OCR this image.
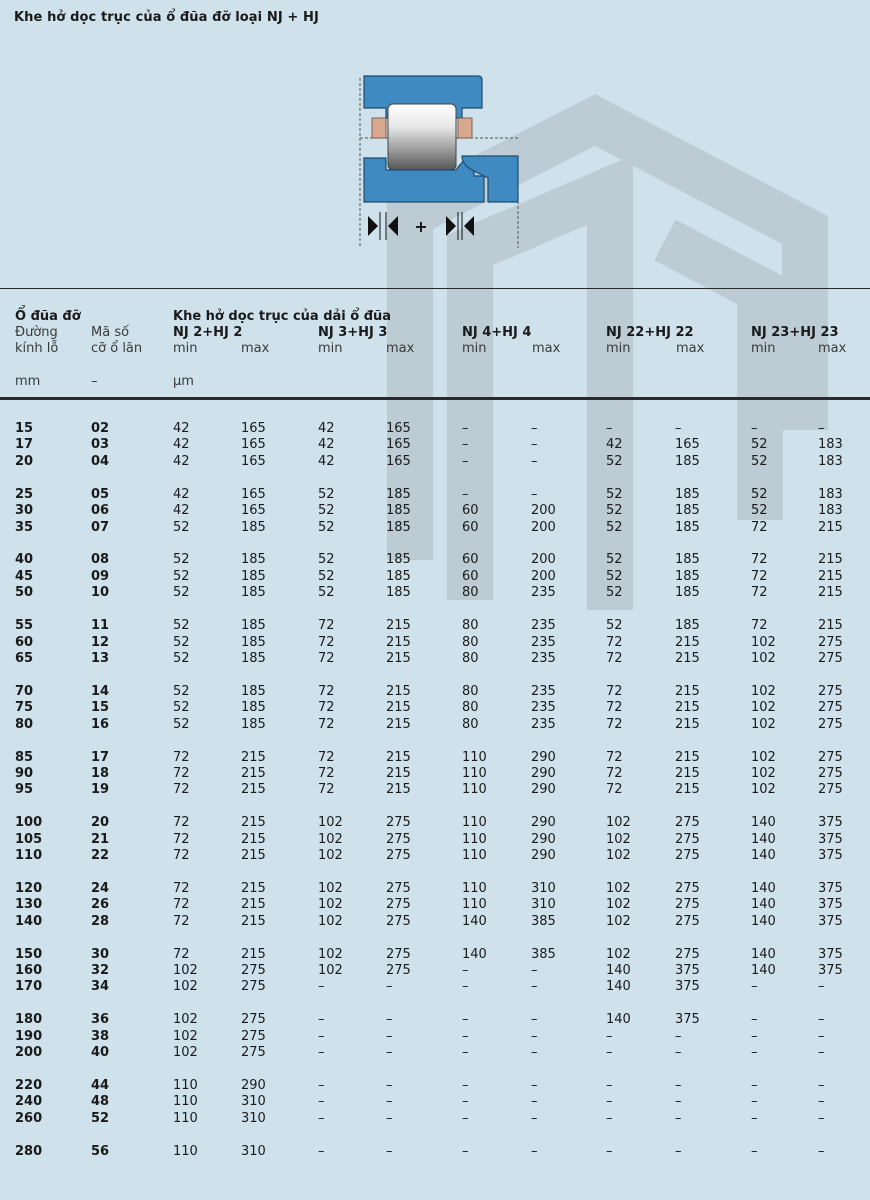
Khe hở dọc trục của ổ đũa đỡ loại NJ + HJ
+
Ổ đũa đỡ
Đường
kính lỗ
Mã số
cỡ ổ lăn
Khe hở dọc trục của dải ổ đũa
NJ 2+HJ 2
min	max
NJ 3+HJ 3
min	max
NJ 4+HJ 4
min	max
NJ 22+HJ 22
min	max
NJ 23+HJ 23
min	max
mm	–	µm
15	02	42	165	42	165	–	–	–	–	–	–
17	03	42	165	42	165	–	–	42	165	52	183
20	04	42	165	42	165	–	–	52	185	52	183
25	05	42	165	52	185	–	–	52	185	52	183
30	06	42	165	52	185	60	200	52	185	52	183
35	07	52	185	52	185	60	200	52	185	72	215
40	08	52	185	52	185	60	200	52	185	72	215
45	09	52	185	52	185	60	200	52	185	72	215
50	10	52	185	52	185	80	235	52	185	72	215
55	11	52	185	72	215	80	235	52	185	72	215
60	12	52	185	72	215	80	235	72	215	102	275
65	13	52	185	72	215	80	235	72	215	102	275
70	14	52	185	72	215	80	235	72	215	102	275
75	15	52	185	72	215	80	235	72	215	102	275
80	16	52	185	72	215	80	235	72	215	102	275
85	17	72	215	72	215	110	290	72	215	102	275
90	18	72	215	72	215	110	290	72	215	102	275
95	19	72	215	72	215	110	290	72	215	102	275
100	20	72	215	102	275	110	290	102	275	140	375
105	21	72	215	102	275	110	290	102	275	140	375
110	22	72	215	102	275	110	290	102	275	140	375
120	24	72	215	102	275	110	310	102	275	140	375
130	26	72	215	102	275	110	310	102	275	140	375
140	28	72	215	102	275	140	385	102	275	140	375
150	30	72	215	102	275	140	385	102	275	140	375
160	32	102	275	102	275	–	–	140	375	140	375
170	34	102	275	–	–	–	–	140	375	–	–
180	36	102	275	–	–	–	–	140	375	–	–
190	38	102	275	–	–	–	–	–	–	–	–
200	40	102	275	–	–	–	–	–	–	–	–
220	44	110	290	–	–	–	–	–	–	–	–
240	48	110	310	–	–	–	–	–	–	–	–
260	52	110	310	–	–	–	–	–	–	–	–
280	56	110	310	–	–	–	–	–	–	–	–
